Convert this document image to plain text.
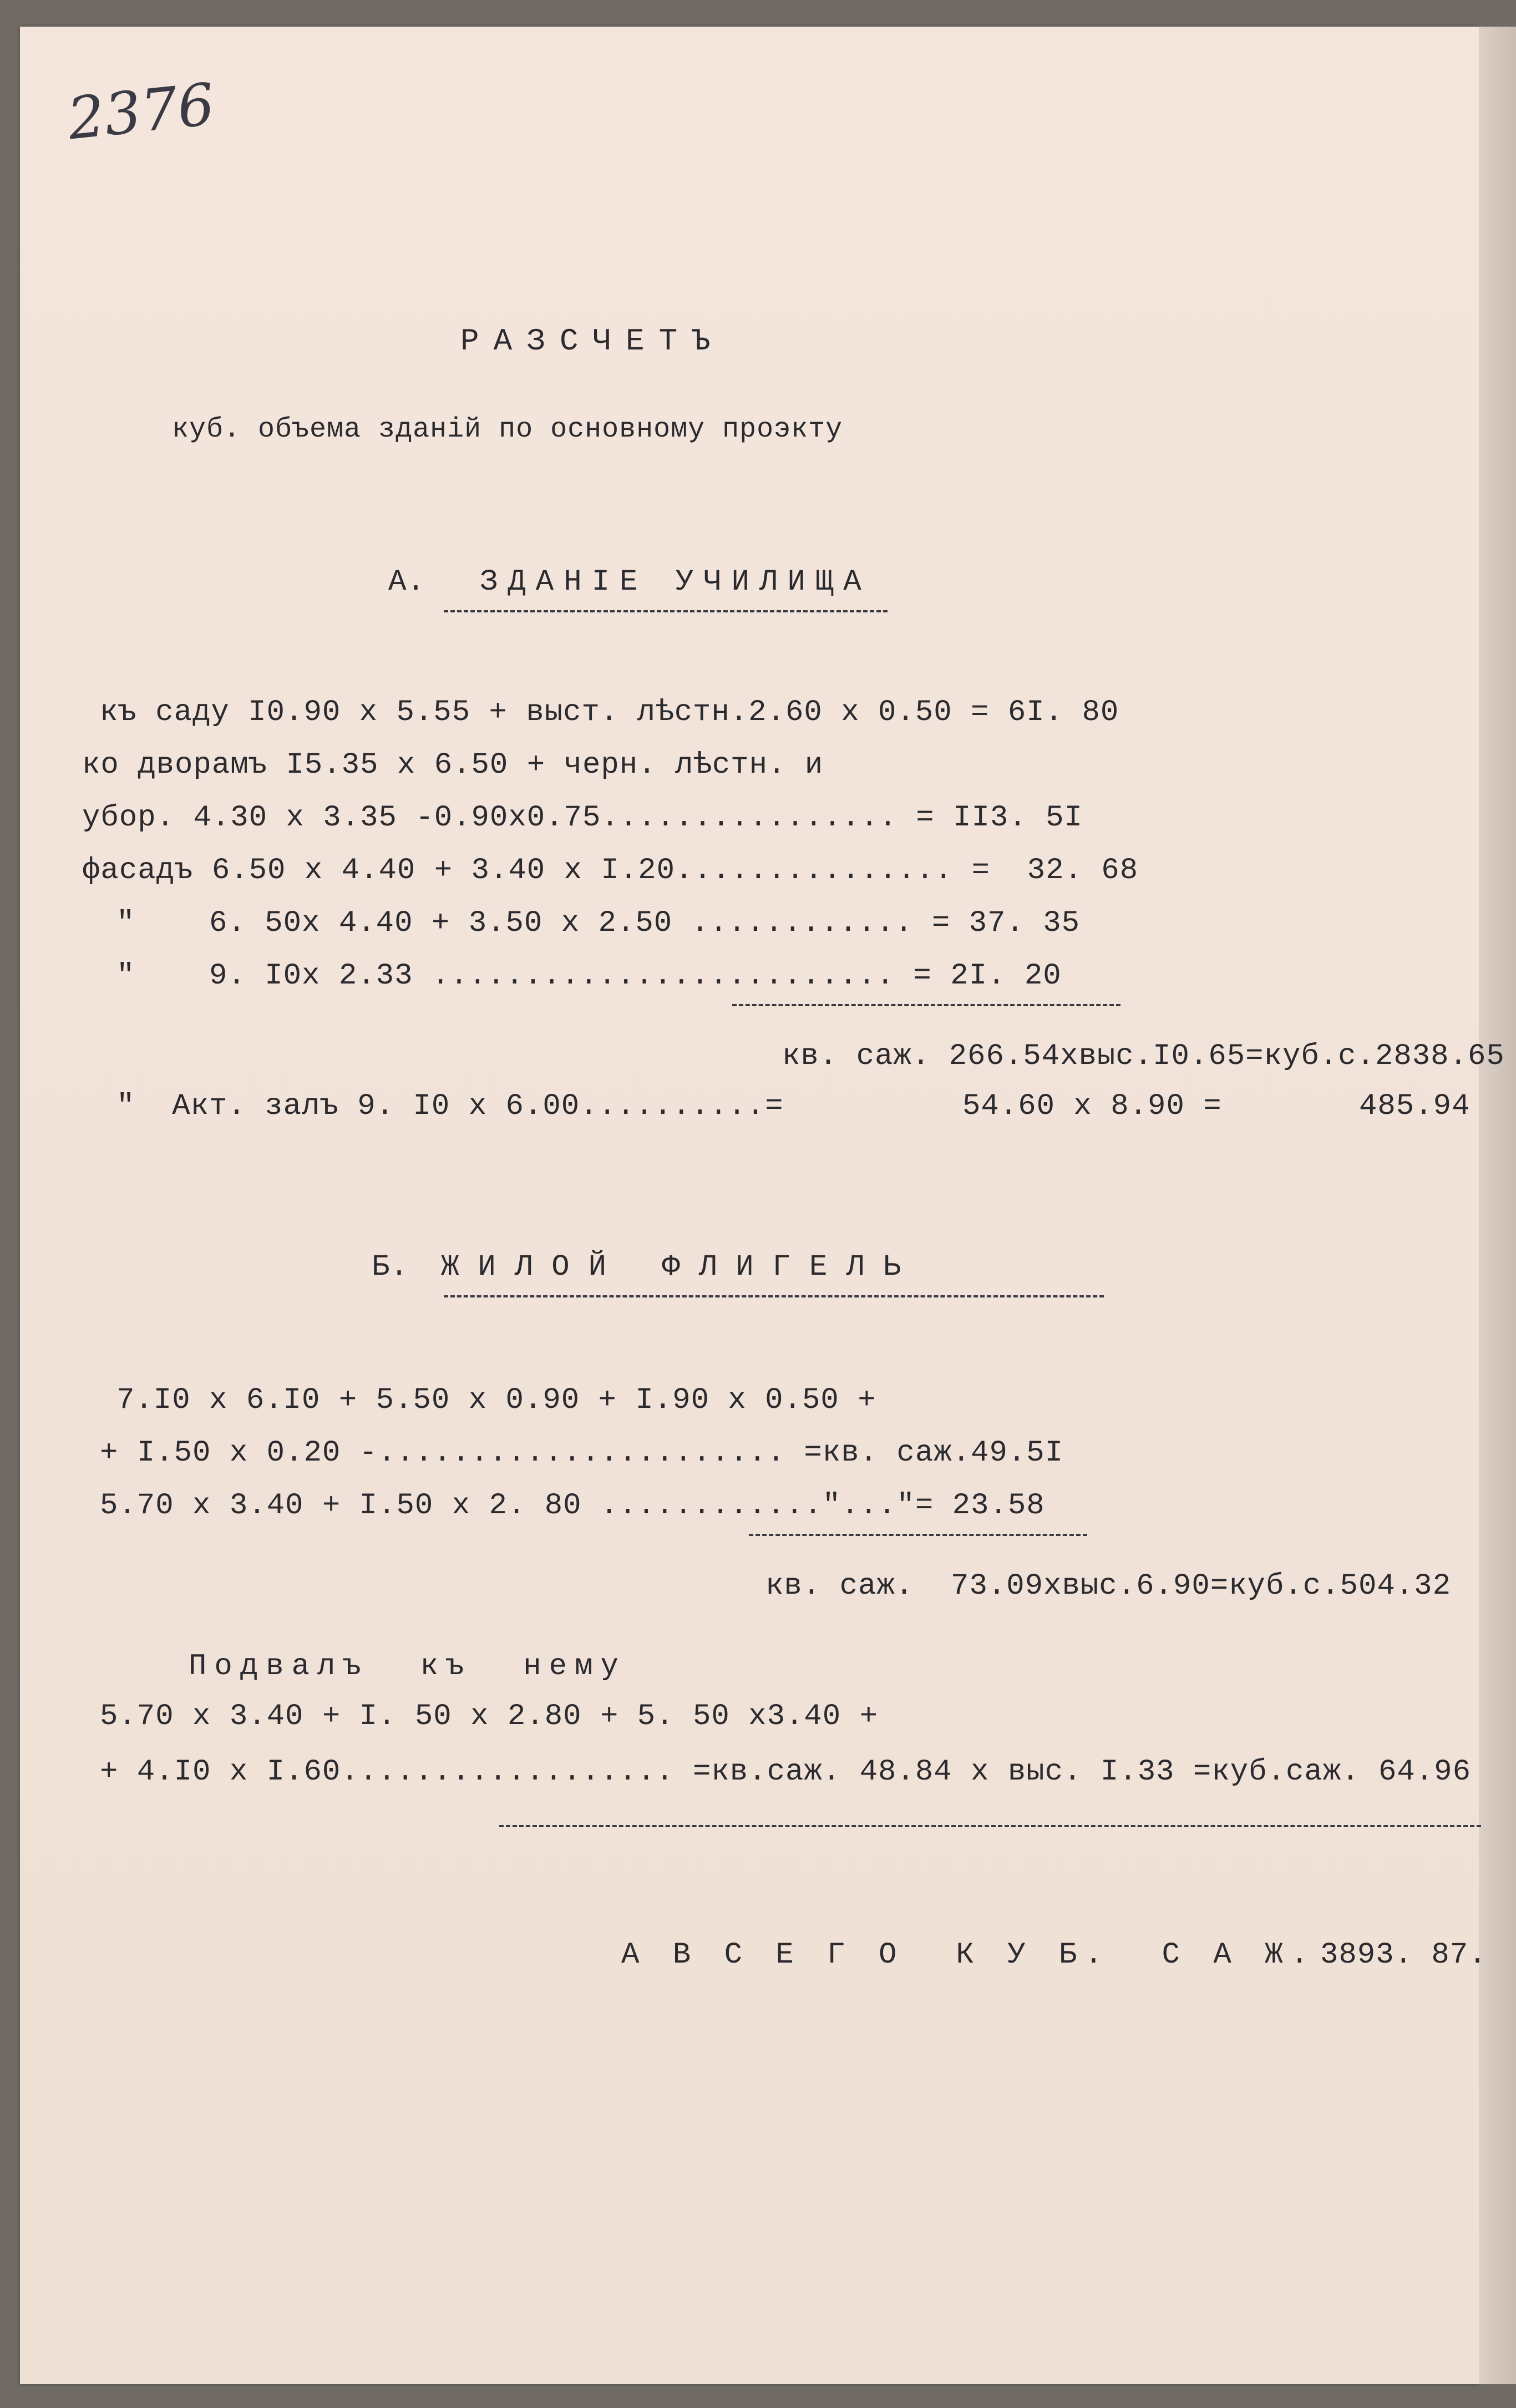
2376
РАЗСЧЕТЪ
куб. объема зданiй по основному проэкту
А. ЗДАНIЕ УЧИЛИЩА
къ саду I0.90 х 5.55 + выст. лѣстн.2.60 х 0.50 = 6I. 80
ко дворамъ I5.35 х 6.50 + черн. лѣстн. и
убор. 4.30 х 3.35 -0.90х0.75................ = II3. 5I
фасадъ 6.50 х 4.40 + 3.40 х I.20............... =  32. 68
"    6. 50х 4.40 + 3.50 х 2.50 ............ = 37. 35
"    9. I0х 2.33 ......................... = 2I. 20
кв. саж. 266.54хвыс.I0.65=куб.с.2838.65
"  Акт. залъ 9. I0 х 6.00..........=	54.60 х 8.90 =	485.94
Б. ЖИЛОЙ ФЛИГЕЛЬ
7.I0 х 6.I0 + 5.50 х 0.90 + I.90 х 0.50 +
+ I.50 х 0.20 -...................... =кв. саж.49.5I
5.70 х 3.40 + I.50 х 2. 80 ............"..."= 23.58
кв. саж.  73.09хвыс.6.90=куб.с.504.32
Подвалъ  къ  нему
5.70 х 3.40 + I. 50 х 2.80 + 5. 50 х3.40 +
+ 4.I0 х I.60.................. =кв.саж. 48.84 х выс. I.33 =куб.саж. 64.96
А В С Е Г О  К У Б.  С А Ж. 3893. 87.
